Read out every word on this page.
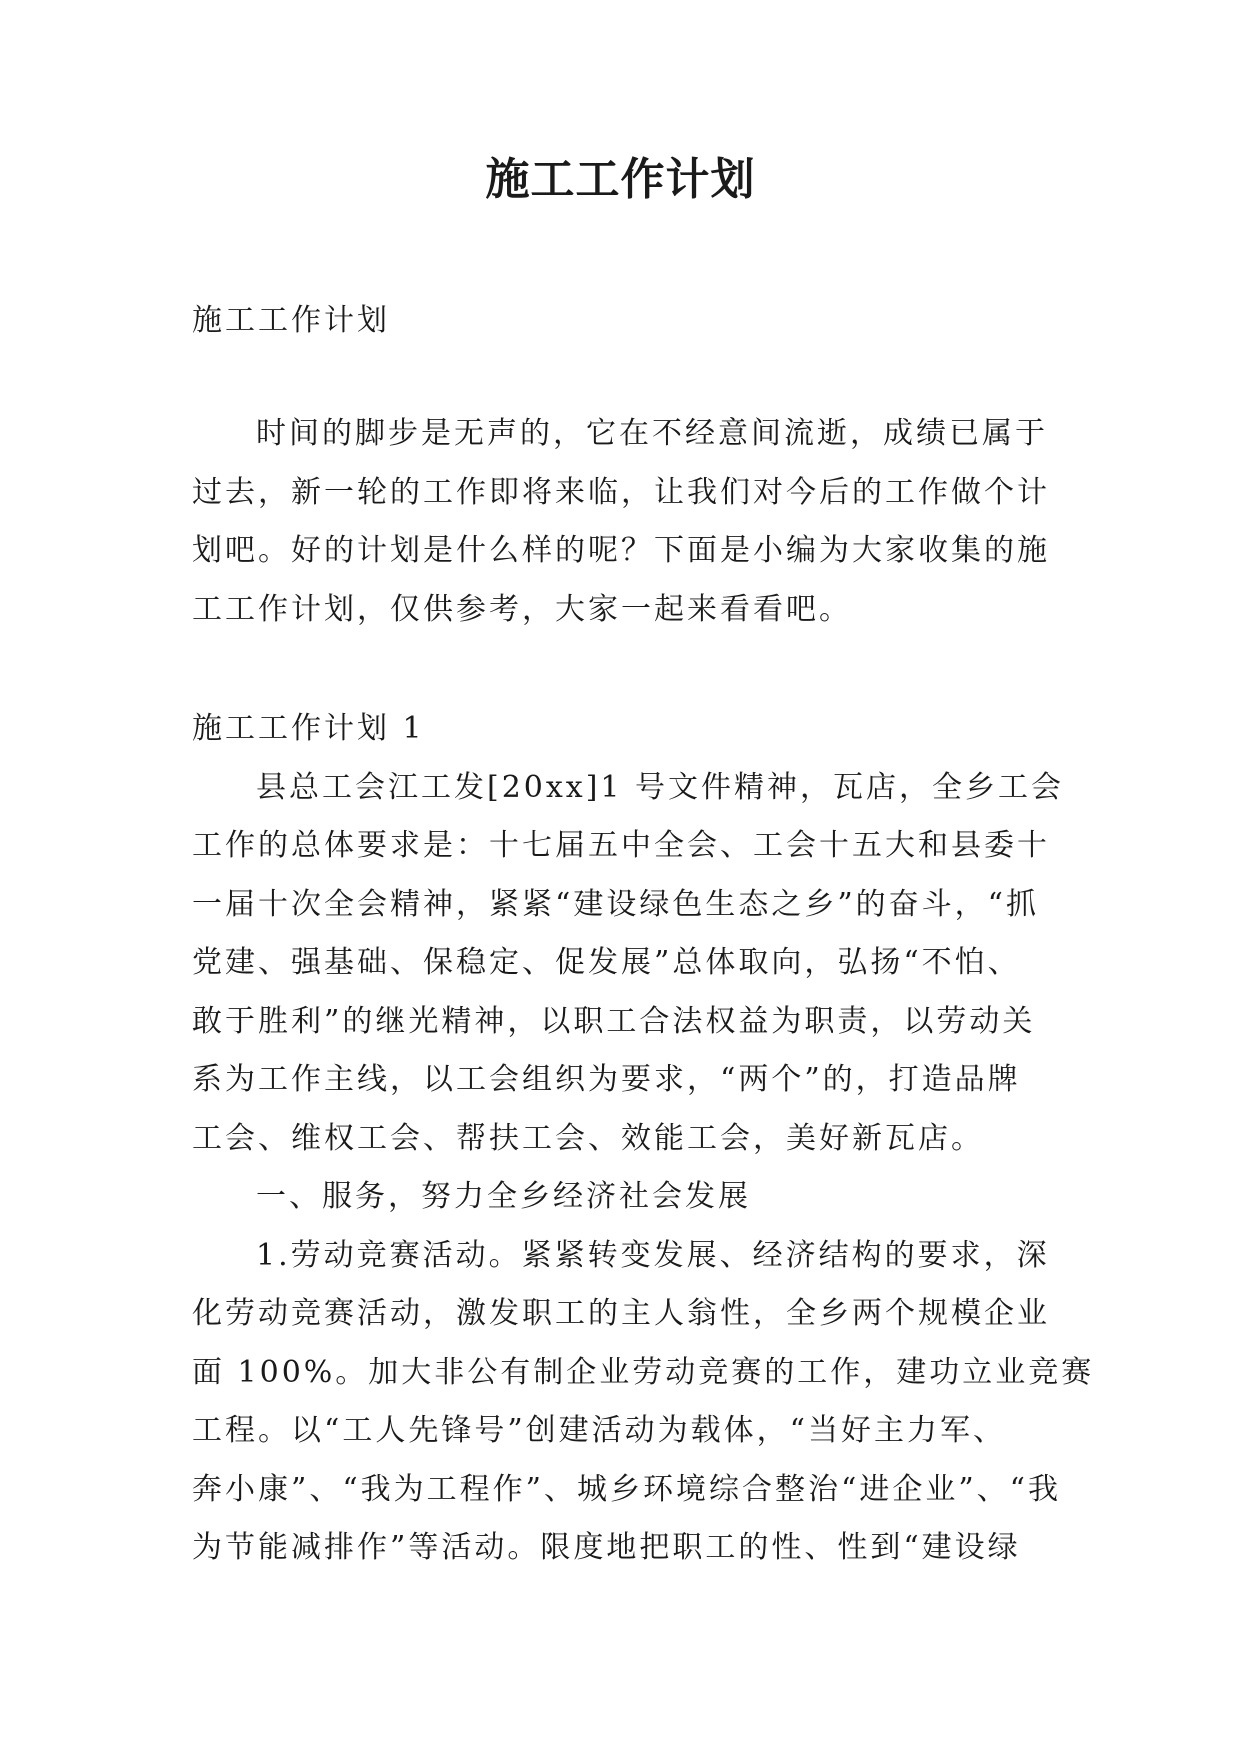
施工工作计划
施工工作计划
时间的脚步是无声的，它在不经意间流逝，成绩已属于
过去，新一轮的工作即将来临，让我们对今后的工作做个计
划吧。好的计划是什么样的呢？下面是小编为大家收集的施
工工作计划，仅供参考，大家一起来看看吧。
施工工作计划 1
县总工会江工发[20xx]1 号文件精神，瓦店，全乡工会
工作的总体要求是：十七届五中全会、工会十五大和县委十
一届十次全会精神，紧紧“建设绿色生态之乡”的奋斗，“抓
党建、强基础、保稳定、促发展”总体取向，弘扬“不怕、
敢于胜利”的继光精神，以职工合法权益为职责，以劳动关
系为工作主线，以工会组织为要求，“两个”的，打造品牌
工会、维权工会、帮扶工会、效能工会，美好新瓦店。
一、服务，努力全乡经济社会发展
1.劳动竞赛活动。紧紧转变发展、经济结构的要求，深
化劳动竞赛活动，激发职工的主人翁性，全乡两个规模企业
面 100%。加大非公有制企业劳动竞赛的工作，建功立业竞赛
工程。以“工人先锋号”创建活动为载体，“当好主力军、
奔小康”、“我为工程作”、城乡环境综合整治“进企业”、“我
为节能减排作”等活动。限度地把职工的性、性到“建设绿
